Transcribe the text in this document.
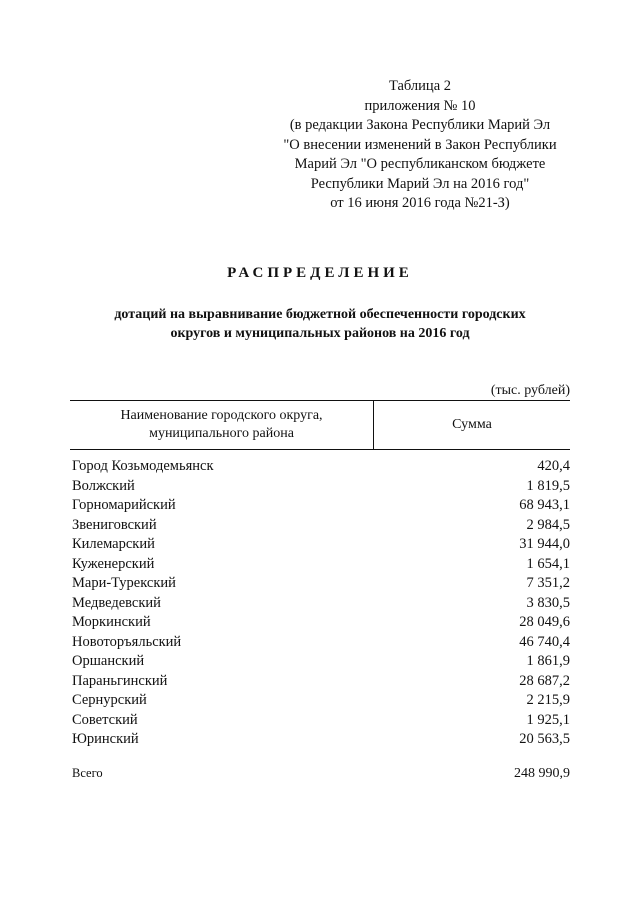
Таблица 2
приложения № 10
(в редакции Закона Республики Марий Эл
"О внесении изменений в Закон Республики
Марий Эл "О республиканском бюджете
Республики Марий Эл на 2016 год"
от 16 июня 2016 года №21-З)
РАСПРЕДЕЛЕНИЕ
дотаций на выравнивание бюджетной обеспеченности городских
округов и муниципальных районов на 2016 год
(тыс. рублей)
Наименование городского округа,
муниципального района
Сумма
Город Козьмодемьянск	420,4
Волжский	1 819,5
Горномарийский	68 943,1
Звениговский	2 984,5
Килемарский	31 944,0
Куженерский	1 654,1
Мари-Турекский	7 351,2
Медведевский	3 830,5
Моркинский	28 049,6
Новоторъяльский	46 740,4
Оршанский	1 861,9
Параньгинский	28 687,2
Сернурский	2 215,9
Советский	1 925,1
Юринский	20 563,5
Всего	248 990,9
